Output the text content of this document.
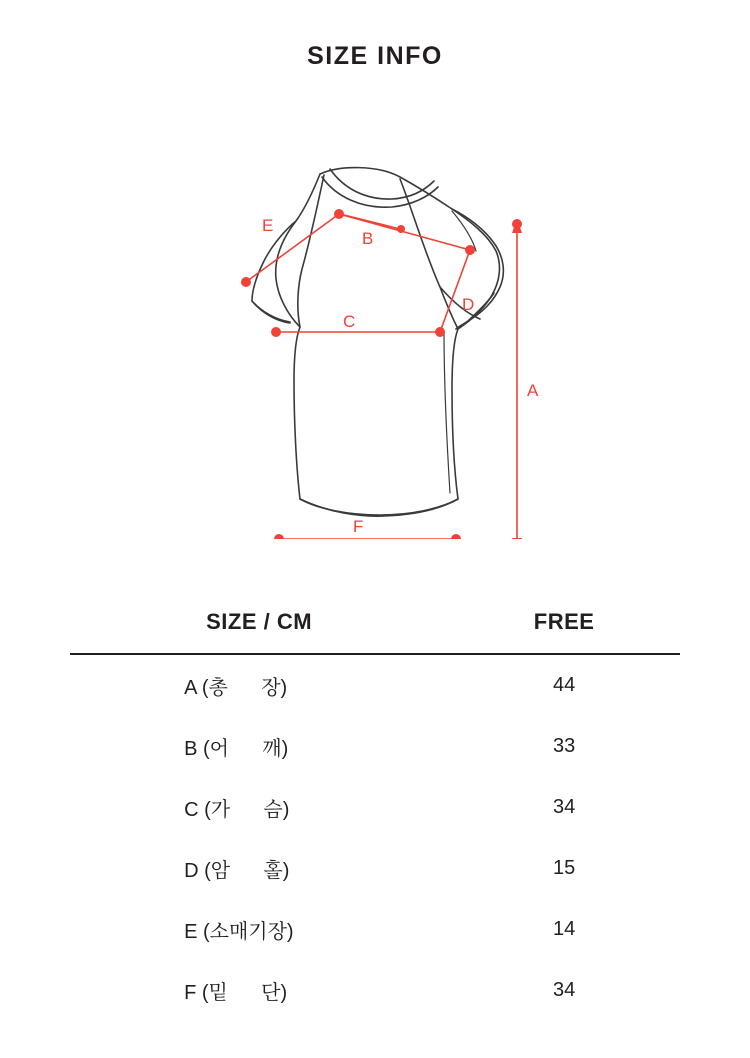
SIZE INFO
E
B
D
C
A
F
SIZE / CM	FREE
A (총      장)	44
B (어      깨)	33
C (가      슴)	34
D (암      홀)	15
E (소매기장)	14
F (밑      단)	34
